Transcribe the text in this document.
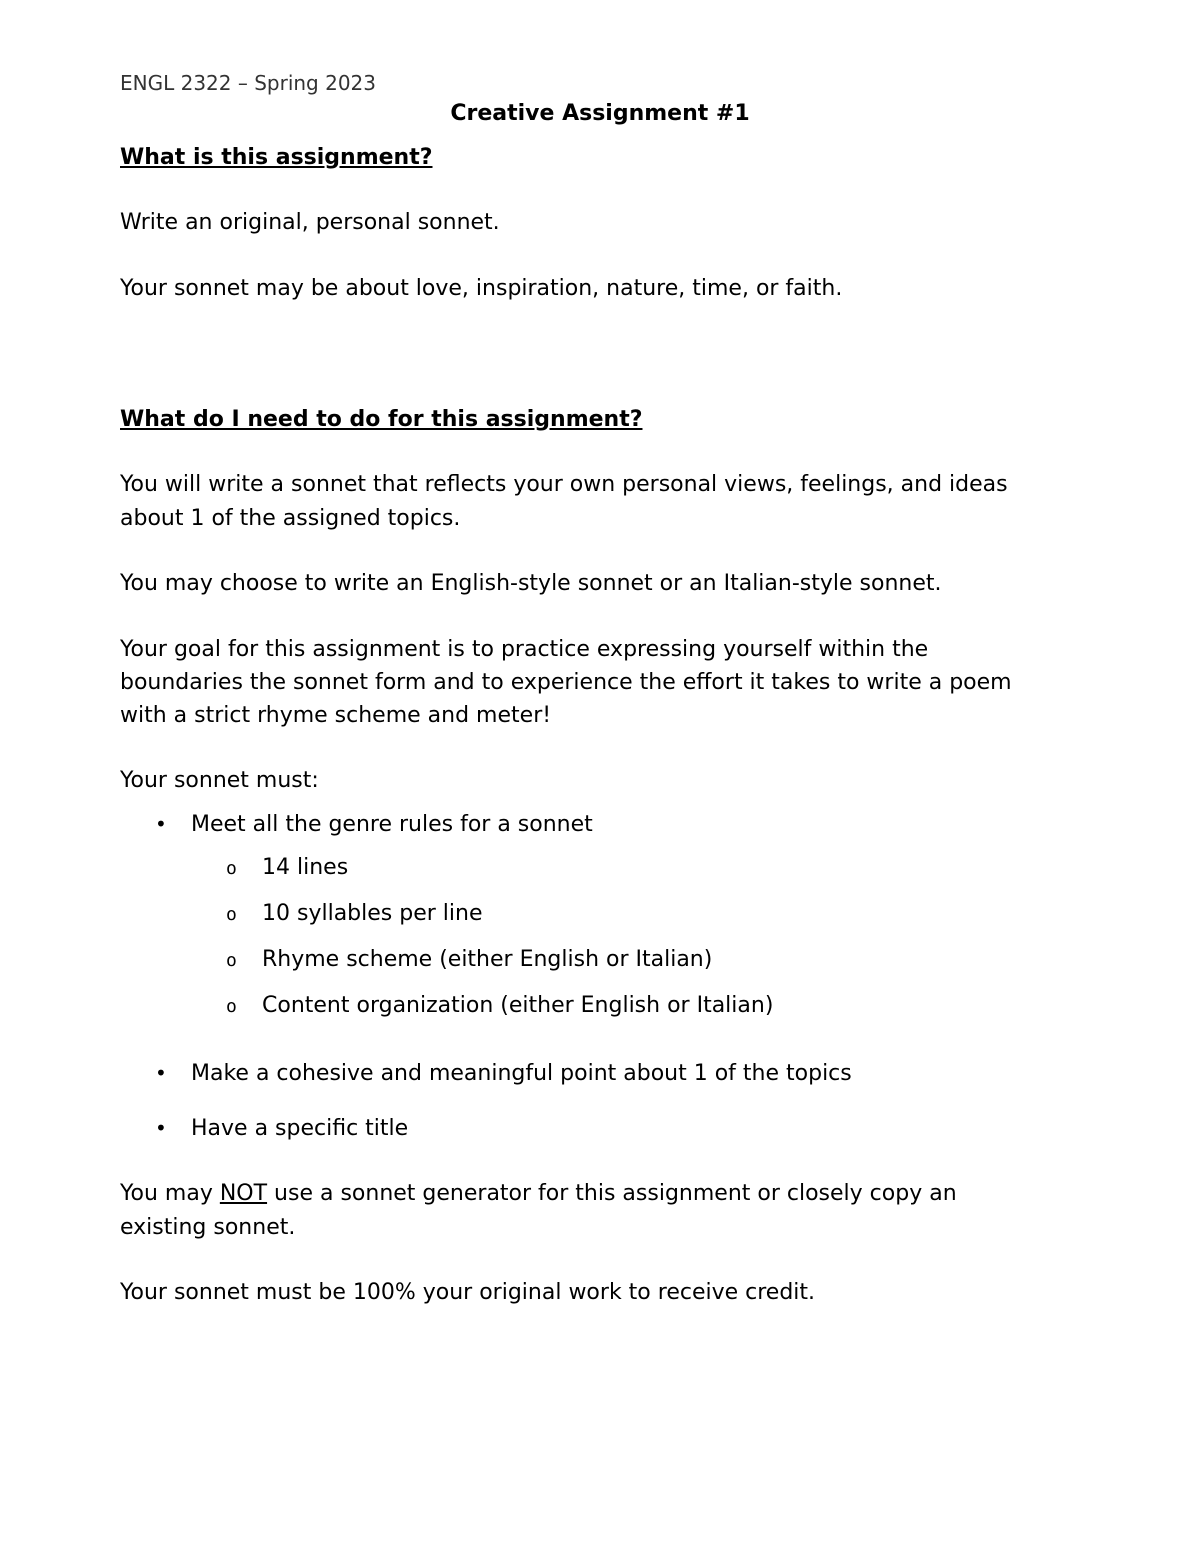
ENGL 2322 – Spring 2023
Creative Assignment #1
What is this assignment?
Write an original, personal sonnet.
Your sonnet may be about love, inspiration, nature, time, or faith.
What do I need to do for this assignment?
You will write a sonnet that reflects your own personal views, feelings, and ideas
about 1 of the assigned topics.
You may choose to write an English-style sonnet or an Italian-style sonnet.
Your goal for this assignment is to practice expressing yourself within the
boundaries the sonnet form and to experience the effort it takes to write a poem
with a strict rhyme scheme and meter!
Your sonnet must:
• Meet all the genre rules for a sonnet
o 14 lines
o 10 syllables per line
o Rhyme scheme (either English or Italian)
o Content organization (either English or Italian)
• Make a cohesive and meaningful point about 1 of the topics
• Have a specific title
You may NOT use a sonnet generator for this assignment or closely copy an
existing sonnet.
Your sonnet must be 100% your original work to receive credit.
